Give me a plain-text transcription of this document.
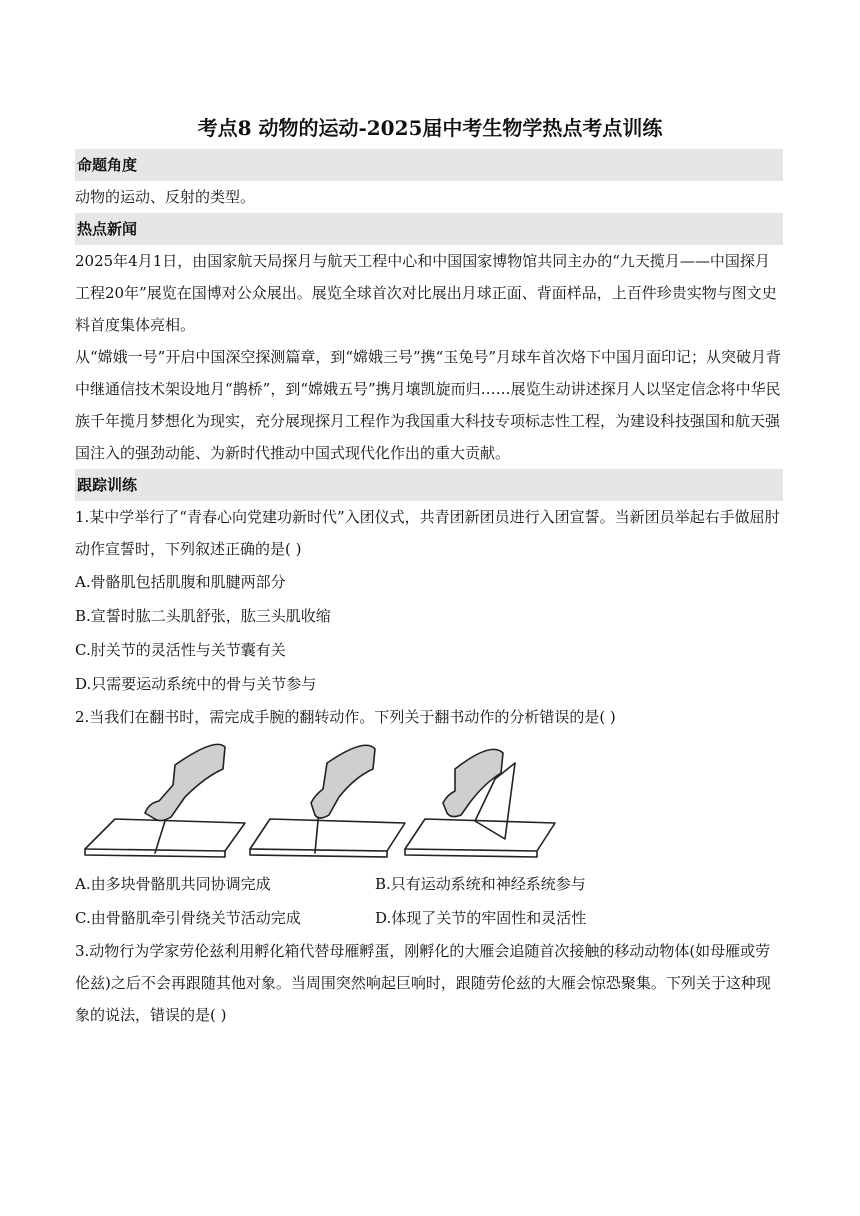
考点8 动物的运动-2025届中考生物学热点考点训练
命题角度

动物的运动、反射的类型。

热点新闻

2025年4月1日，由国家航天局探月与航天工程中心和中国国家博物馆共同主办的“九天揽月——中国探月工程20年”展览在国博对公众展出。展览全球首次对比展出月球正面、背面样品，上百件珍贵实物与图文史料首度集体亮相。

从“嫦娥一号”开启中国深空探测篇章，到“嫦娥三号”携“玉兔号”月球车首次烙下中国月面印记；从突破月背中继通信技术架设地月“鹊桥”，到“嫦娥五号”携月壤凯旋而归……展览生动讲述探月人以坚定信念将中华民族千年揽月梦想化为现实，充分展现探月工程作为我国重大科技专项标志性工程，为建设科技强国和航天强国注入的强劲动能、为新时代推动中国式现代化作出的重大贡献。

跟踪训练

1.某中学举行了“青春心向党建功新时代”入团仪式，共青团新团员进行入团宣誓。当新团员举起右手做屈肘动作宣誓时，下列叙述正确的是( )

A.骨骼肌包括肌腹和肌腱两部分

B.宣誓时肱二头肌舒张，肱三头肌收缩

C.肘关节的灵活性与关节囊有关

D.只需要运动系统中的骨与关节参与

2.当我们在翻书时，需完成手腕的翻转动作。下列关于翻书动作的分析错误的是( )

A.由多块骨骼肌共同协调完成	B.只有运动系统和神经系统参与
C.由骨骼肌牵引骨绕关节活动完成	D.体现了关节的牢固性和灵活性

3.动物行为学家劳伦兹利用孵化箱代替母雁孵蛋，刚孵化的大雁会追随首次接触的移动动物体(如母雁或劳伦兹)之后不会再跟随其他对象。当周围突然响起巨响时，跟随劳伦兹的大雁会惊恐聚集。下列关于这种现象的说法，错误的是( )
